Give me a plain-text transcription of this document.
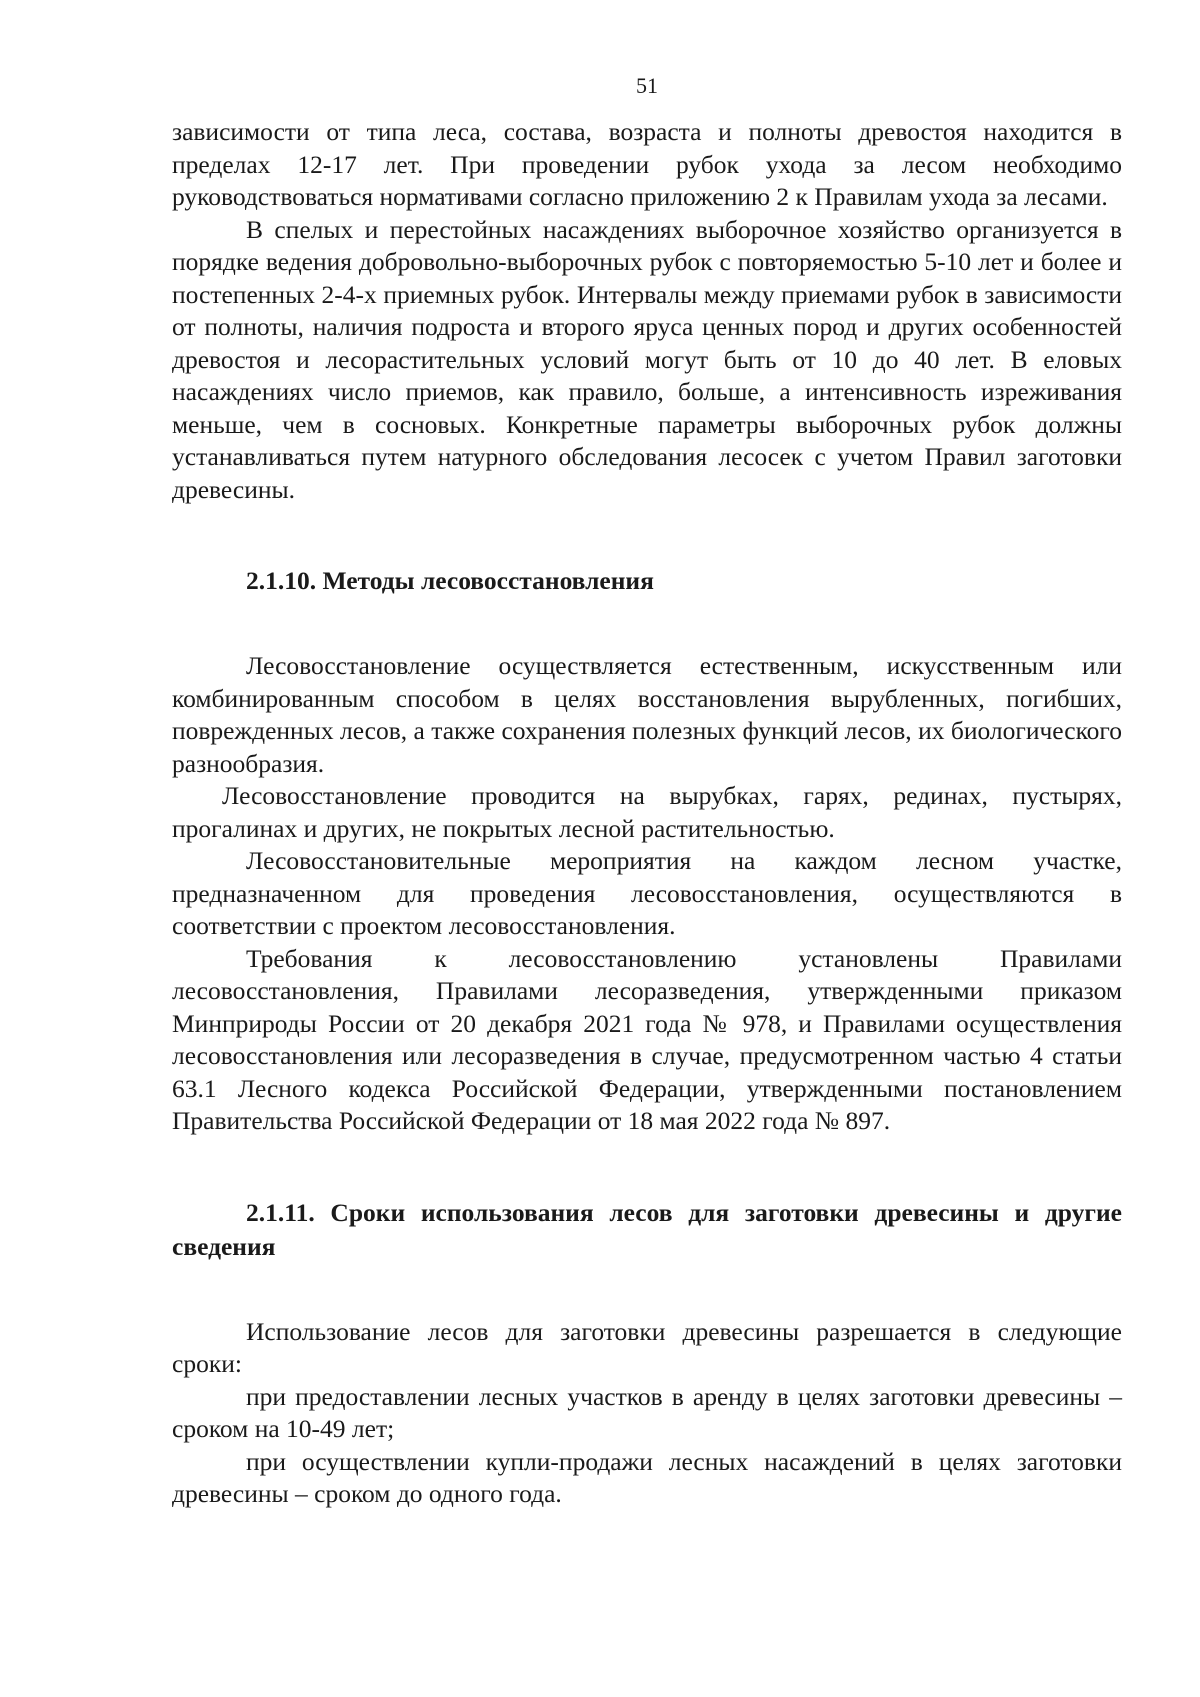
51

зависимости от типа леса, состава, возраста и полноты древостоя находится в пределах 12-17 лет. При проведении рубок ухода за лесом необходимо руководствоваться нормативами согласно приложению 2 к Правилам ухода за лесами.

В спелых и перестойных насаждениях выборочное хозяйство организуется в порядке ведения добровольно-выборочных рубок с повторяемостью 5-10 лет и более и постепенных 2-4-х приемных рубок. Интервалы между приемами рубок в зависимости от полноты, наличия подроста и второго яруса ценных пород и других особенностей древостоя и лесорастительных условий могут быть от 10 до 40 лет. В еловых насаждениях число приемов, как правило, больше, а интенсивность изреживания меньше, чем в сосновых. Конкретные параметры выборочных рубок должны устанавливаться путем натурного обследования лесосек с учетом Правил заготовки древесины.

2.1.10. Методы лесовосстановления

Лесовосстановление осуществляется естественным, искусственным или комбинированным способом в целях восстановления вырубленных, погибших, поврежденных лесов, а также сохранения полезных функций лесов, их биологического разнообразия.

Лесовосстановление проводится на вырубках, гарях, рединах, пустырях, прогалинах и других, не покрытых лесной растительностью.

Лесовосстановительные мероприятия на каждом лесном участке, предназначенном для проведения лесовосстановления, осуществляются в соответствии с проектом лесовосстановления.

Требования к лесовосстановлению установлены Правилами лесовосстановления, Правилами лесоразведения, утвержденными приказом Минприроды России от 20 декабря 2021 года № 978, и Правилами осуществления лесовосстановления или лесоразведения в случае, предусмотренном частью 4 статьи 63.1 Лесного кодекса Российской Федерации, утвержденными постановлением Правительства Российской Федерации от 18 мая 2022 года № 897.

2.1.11. Сроки использования лесов для заготовки древесины и другие сведения

Использование лесов для заготовки древесины разрешается в следующие сроки:

при предоставлении лесных участков в аренду в целях заготовки древесины – сроком на 10-49 лет;

при осуществлении купли-продажи лесных насаждений в целях заготовки древесины – сроком до одного года.
